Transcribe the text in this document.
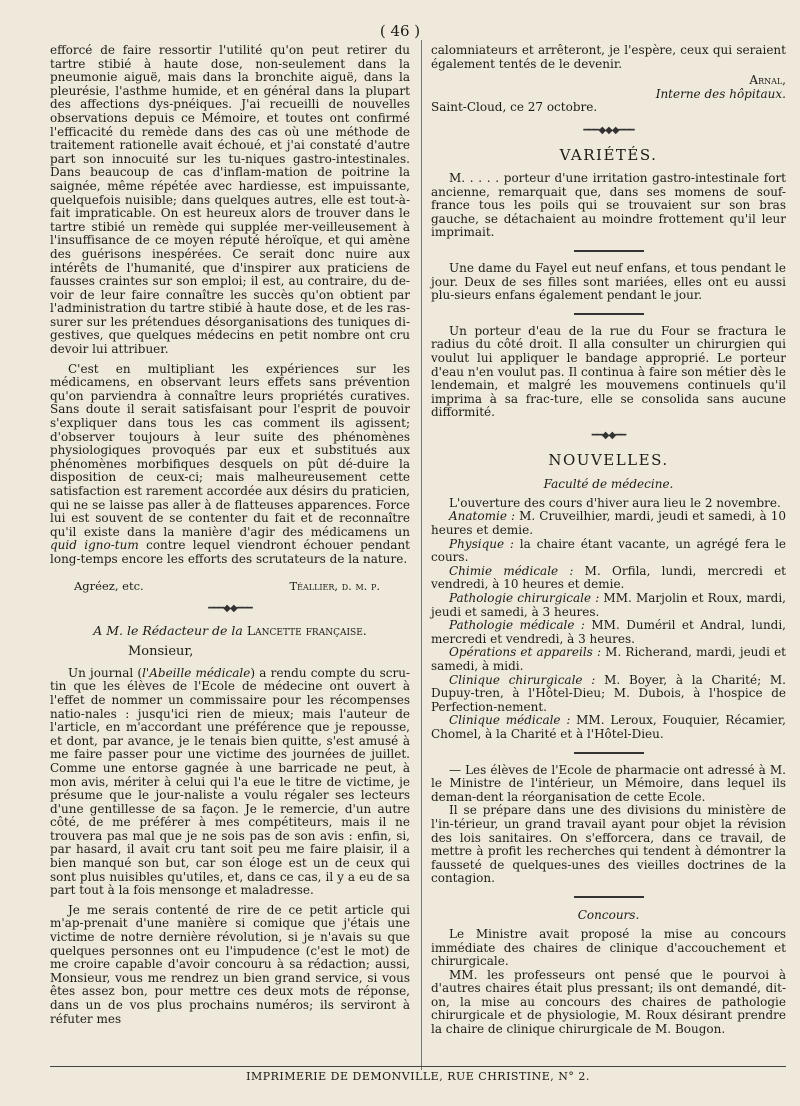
( 46 )

efforcé de faire ressortir l'utilité qu'on peut retirer du tartre stibié à haute dose, non-seulement dans la pneumonie aiguë, mais dans la bronchite aiguë, dans la pleurésie, l'asthme humide, et en général dans la plupart des affections dys-pnéiques. J'ai recueilli de nouvelles observations depuis ce Mémoire, et toutes ont confirmé l'efficacité du remède dans des cas où une méthode de traitement rationelle avait échoué, et j'ai constaté d'autre part son innocuité sur les tu-niques gastro-intestinales. Dans beaucoup de cas d'inflam-mation de poitrine la saignée, même répétée avec hardiesse, est impuissante, quelquefois nuisible; dans quelques autres, elle est tout-à-fait impraticable. On est heureux alors de trouver dans le tartre stibié un remède qui supplée mer-veilleusement à l'insuffisance de ce moyen réputé héroïque, et qui amène des guérisons inespérées. Ce serait donc nuire aux intérêts de l'humanité, que d'inspirer aux praticiens de fausses craintes sur son emploi; il est, au contraire, du de-voir de leur faire connaître les succès qu'on obtient par l'administration du tartre stibié à haute dose, et de les ras-surer sur les prétendues désorganisations des tuniques di-gestives, que quelques médecins en petit nombre ont cru devoir lui attribuer.

C'est en multipliant les expériences sur les médicamens, en observant leurs effets sans prévention qu'on parviendra à connaître leurs propriétés curatives. Sans doute il serait satisfaisant pour l'esprit de pouvoir s'expliquer dans tous les cas comment ils agissent; d'observer toujours à leur suite des phénomènes physiologiques provoqués par eux et substitués aux phénomènes morbifiques desquels on pût dé-duire la disposition de ceux-ci; mais malheureusement cette satisfaction est rarement accordée aux désirs du praticien, qui ne se laisse pas aller à de flatteuses apparences. Force lui est souvent de se contenter du fait et de reconnaître qu'il existe dans la manière d'agir des médicamens un quid igno-tum contre lequel viendront échouer pendant long-temps encore les efforts des scrutateurs de la nature.

Agréez, etc.	Téallier, d. m. p.
━━━◆◆━━━

A M. le Rédacteur de la Lancette française.

Monsieur,

Un journal (l'Abeille médicale) a rendu compte du scru-tin que les élèves de l'Ecole de médecine ont ouvert à l'effet de nommer un commissaire pour les récompenses natio-nales : jusqu'ici rien de mieux; mais l'auteur de l'article, en m'accordant une préférence que je repousse, et dont, par avance, je le tenais bien quitte, s'est amusé à me faire passer pour une victime des journées de juillet. Comme une entorse gagnée à une barricade ne peut, à mon avis, mériter à celui qui l'a eue le titre de victime, je présume que le jour-naliste a voulu régaler ses lecteurs d'une gentillesse de sa façon. Je le remercie, d'un autre côté, de me préférer à mes compétiteurs, mais il ne trouvera pas mal que je ne sois pas de son avis : enfin, si, par hasard, il avait cru tant soit peu me faire plaisir, il a bien manqué son but, car son éloge est un de ceux qui sont plus nuisibles qu'utiles, et, dans ce cas, il y a eu de sa part tout à la fois mensonge et maladresse.

Je me serais contenté de rire de ce petit article qui m'ap-prenait d'une manière si comique que j'étais une victime de notre dernière révolution, si je n'avais su que quelques personnes ont eu l'impudence (c'est le mot) de me croire capable d'avoir concouru à sa rédaction; aussi, Monsieur, vous me rendrez un bien grand service, si vous êtes assez bon, pour mettre ces deux mots de réponse, dans un de vos plus prochains numéros; ils serviront à réfuter mes

calomniateurs et arrêteront, je l'espère, ceux qui seraient également tentés de le devenir.

Arnal,

Interne des hôpitaux.

Saint-Cloud, ce 27 octobre.

━━━◆◆◆━━━
VARIÉTÉS.

M. . . . . porteur d'une irritation gastro-intestinale fort ancienne, remarquait que, dans ses momens de souf-france tous les poils qui se trouvaient sur son bras gauche, se détachaient au moindre frottement qu'il leur imprimait.

Une dame du Fayel eut neuf enfans, et tous pendant le jour. Deux de ses filles sont mariées, elles ont eu aussi plu-sieurs enfans également pendant le jour.

Un porteur d'eau de la rue du Four se fractura le radius du côté droit. Il alla consulter un chirurgien qui voulut lui appliquer le bandage approprié. Le porteur d'eau n'en voulut pas. Il continua à faire son métier dès le lendemain, et malgré les mouvemens continuels qu'il imprima à sa frac-ture, elle se consolida sans aucune difformité.

━━◆◆━━
NOUVELLES.
Faculté de médecine.

L'ouverture des cours d'hiver aura lieu le 2 novembre.

Anatomie : M. Cruveilhier, mardi, jeudi et samedi, à 10 heures et demie.

Physique : la chaire étant vacante, un agrégé fera le cours.

Chimie médicale : M. Orfila, lundi, mercredi et vendredi, à 10 heures et demie.

Pathologie chirurgicale : MM. Marjolin et Roux, mardi, jeudi et samedi, à 3 heures.

Pathologie médicale : MM. Duméril et Andral, lundi, mercredi et vendredi, à 3 heures.

Opérations et appareils : M. Richerand, mardi, jeudi et samedi, à midi.

Clinique chirurgicale : M. Boyer, à la Charité; M. Dupuy-tren, à l'Hôtel-Dieu; M. Dubois, à l'hospice de Perfection-nement.

Clinique médicale : MM. Leroux, Fouquier, Récamier, Chomel, à la Charité et à l'Hôtel-Dieu.

— Les élèves de l'Ecole de pharmacie ont adressé à M. le Ministre de l'intérieur, un Mémoire, dans lequel ils deman-dent la réorganisation de cette Ecole.

Il se prépare dans une des divisions du ministère de l'in-térieur, un grand travail ayant pour objet la révision des lois sanitaires. On s'efforcera, dans ce travail, de mettre à profit les recherches qui tendent à démontrer la fausseté de quelques-unes des vieilles doctrines de la contagion.

Concours.

Le Ministre avait proposé la mise au concours immédiate des chaires de clinique d'accouchement et chirurgicale.

MM. les professeurs ont pensé que le pourvoi à d'autres chaires était plus pressant; ils ont demandé, dit-on, la mise au concours des chaires de pathologie chirurgicale et de physiologie, M. Roux désirant prendre la chaire de clinique chirurgicale de M. Bougon.

IMPRIMERIE DE DEMONVILLE, RUE CHRISTINE, N° 2.
